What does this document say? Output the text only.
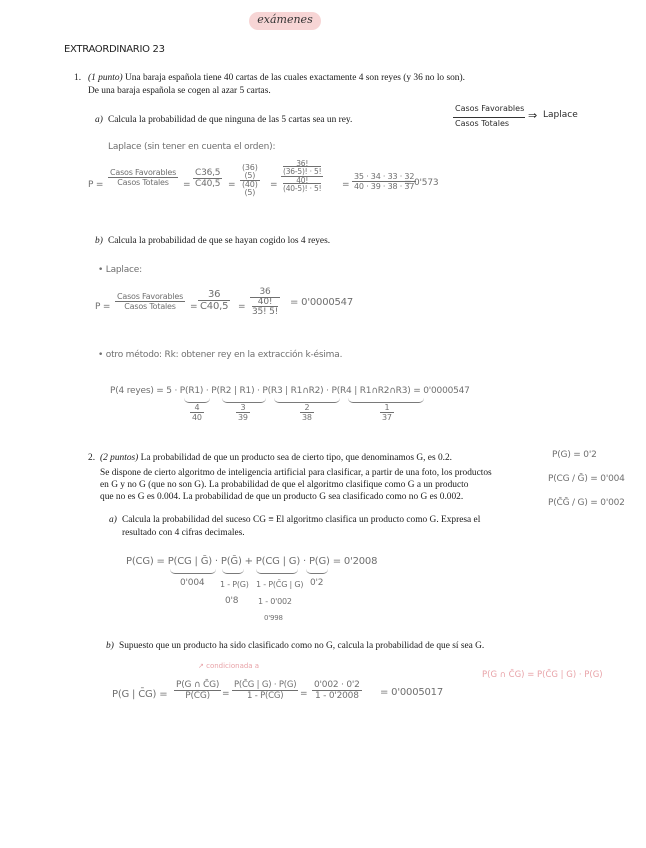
exámenes
EXTRAORDINARIO 23
1. (1 punto) Una baraja española tiene 40 cartas de las cuales exactamente 4 son reyes (y 36 no lo son).
De una baraja española se cogen al azar 5 cartas.
Casos Favorables
Casos Totales
⇒ Laplace
a) Calcula la probabilidad de que ninguna de las 5 cartas sea un rey.
Laplace (sin tener en cuenta el orden):
$P = \frac{\text{Casos Favorables}}{\text{Casos Totales}} = \frac{C36,5}{C40,5}$ =
(36)
(5)
(40)
(5)
=
36!
(36-5)! · 5!
40!
(40-5)! · 5! = $\frac{35 \cdot 34 \cdot 33 \cdot 32}{40 \cdot 39 \cdot 38 \cdot 37}$
= 0'573
b) Calcula la probabilidad de que se hayan cogido los 4 reyes.
• Laplace:
$P = \frac{\text{Casos Favorables}}{\text{Casos Totales}} = \frac{36}{C40,5}$ =
36
40!
35! 5!
= 0'0000547
• otro método: Rk: obtener rey en la extracción k-ésima.
P(4 reyes) = 5 · P(R1) · P(R2 | R1) · P(R3 | R1∩R2) · P(R4 | R1∩R2∩R3) = 0'0000547
$\frac{4}{40}$	$\frac{3}{39}$	$\frac{2}{38}$	$\frac{1}{37}$
2. (2 puntos) La probabilidad de que un producto sea de cierto tipo, que denominamos G, es 0.2.
Se dispone de cierto algoritmo de inteligencia artificial para clasificar, a partir de una foto, los productos
en G y no G (que no son G). La probabilidad de que el algoritmo clasifique como G a un producto
que no es G es 0.004. La probabilidad de que un producto G sea clasificado como no G es 0.002.
P(G) = 0'2
P(CG / Ḡ) = 0'004
P(C̄Ḡ / G) = 0'002
a) Calcula la probabilidad del suceso CG ≡ El algoritmo clasifica un producto como G. Expresa el
resultado con 4 cifras decimales.
P(CG) = P(CG | Ḡ) · P(Ḡ) + P(CG | G) · P(G) = 0'2008
0'004 1 - P(G)
0'8
1 - P(C̄G | G)
1 - 0'002
0'998
0'2
b) Supuesto que un producto ha sido clasificado como no G, calcula la probabilidad de que sí sea G.
↗ condicionada a
P(G ∩ C̄G) = P(C̄G | G) · P(G)
P(G | C̄G) = $\frac{P(G \cap C̄G)}{P(C̄G)} = \frac{P(C̄G | G) \cdot P(G)}{1 - P(CG)} = \frac{0'002 \cdot 0'2}{1 - 0'2008} = 0'0005017$
